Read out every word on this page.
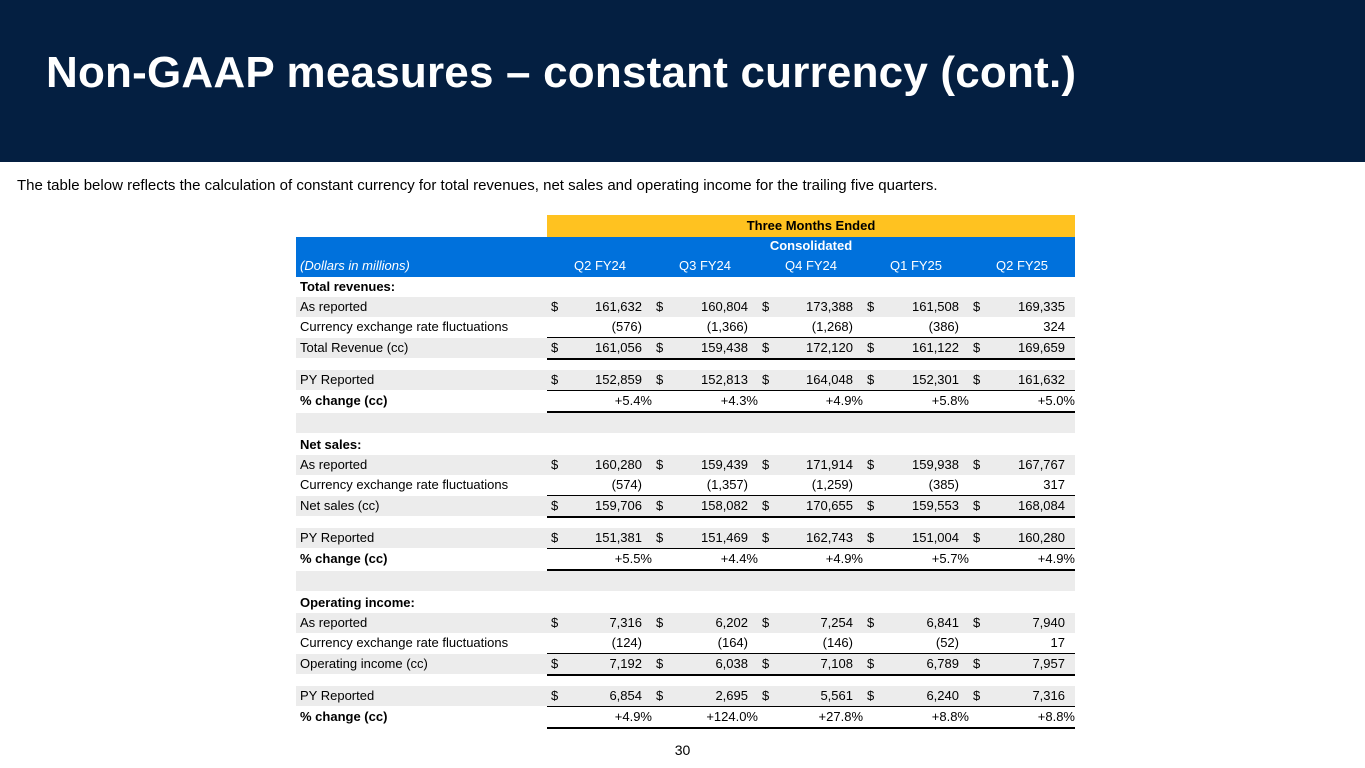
Non-GAAP measures – constant currency (cont.)
The table below reflects the calculation of constant currency for total revenues, net sales and operating income for the trailing five quarters.
Three Months Ended
Consolidated
(Dollars in millions)	Q2 FY24	Q3 FY24	Q4 FY24	Q1 FY25	Q2 FY25
Total revenues:
As reported	$	161,632 $	160,804 $	173,388 $	161,508 $	169,335
Currency exchange rate fluctuations	(576)	(1,366)	(1,268)	(386)	324
Total Revenue (cc)	$	161,056 $	159,438 $	172,120 $	161,122 $	169,659
PY Reported	$	152,859 $	152,813 $	164,048 $	152,301 $	161,632
% change (cc)	+5.4%	+4.3%	+4.9%	+5.8%	+5.0%
Net sales:
As reported	$	160,280 $	159,439 $	171,914 $	159,938 $	167,767
Currency exchange rate fluctuations	(574)	(1,357)	(1,259)	(385)	317
Net sales (cc)	$	159,706 $	158,082 $	170,655 $	159,553 $	168,084
PY Reported	$	151,381 $	151,469 $	162,743 $	151,004 $	160,280
% change (cc)	+5.5%	+4.4%	+4.9%	+5.7%	+4.9%
Operating income:
As reported	$	7,316 $	6,202 $	7,254 $	6,841 $	7,940
Currency exchange rate fluctuations	(124)	(164)	(146)	(52)	17
Operating income (cc)	$	7,192 $	6,038 $	7,108 $	6,789 $	7,957
PY Reported	$	6,854 $	2,695 $	5,561 $	6,240 $	7,316
% change (cc)	+4.9%	+124.0%	+27.8%	+8.8%	+8.8%
30
